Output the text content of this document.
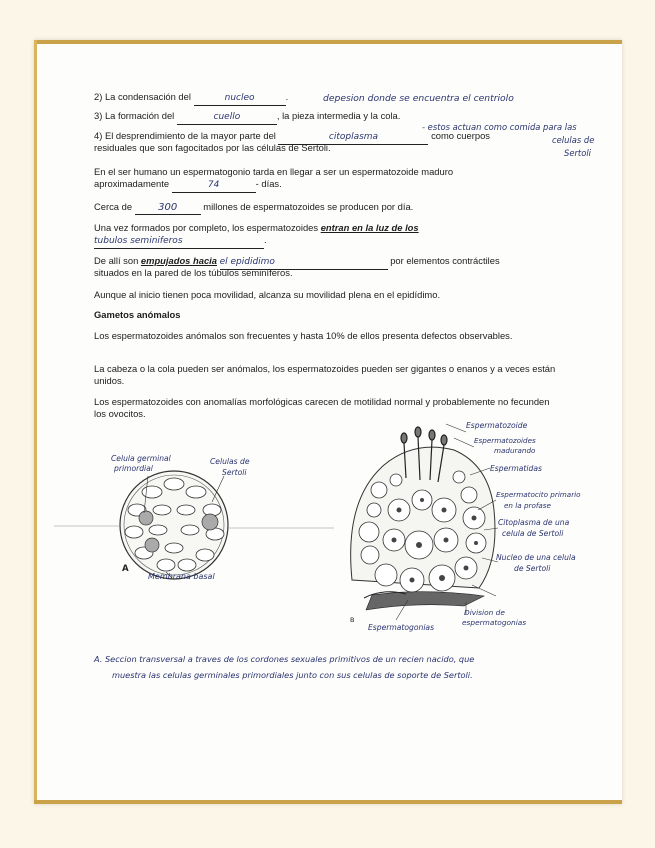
2) La condensación del	nucleo	.	depesion donde se encuentra el centriolo
3) La formación del	cuello	, la pieza intermedia y la cola.
4) El desprendimiento de la mayor parte del	citoplasma	como cuerpos
- estos actuan como comida para las
celulas de
Sertoli
residuales que son fagocitados por las células de Sertoli.
En el ser humano un espermatogonio tarda en llegar a ser un espermatozoide maduro
aproximadamente	74	- días.
Cerca de	300	millones de espermatozoides se producen por día.
Una vez formados por completo, los espermatozoides entran en la luz de los
tubulos seminiferos	.
De allí son empujados hacia el epididimo	por elementos contráctiles
situados en la pared de los túbulos seminíferos.
Aunque al inicio tienen poca movilidad, alcanza su movilidad plena en el epidídimo.
Gametos anómalos
Los espermatozoides anómalos son frecuentes y hasta 10% de ellos presenta defectos observables.
La cabeza o la cola pueden ser anómalos, los espermatozoides pueden ser gigantes o enanos y a veces están unidos.
Los espermatozoides con anomalías morfológicas carecen de motilidad normal y probablemente no fecunden los ovocitos.
Celula germinal
primordial
Celulas de
Sertoli
Membrana basal
A
Espermatozoide
Espermatozoides
madurando
Espermatidas
Espermatocito primario
en la profase
Citoplasma de una
celula de Sertoli
Nucleo de una celula
de Sertoli
Division de
espermatogonias
Espermatogonias
B
A. Seccion transversal a traves de los cordones sexuales primitivos de un recien nacido, que
muestra las celulas germinales primordiales junto con sus celulas de soporte de Sertoli.
